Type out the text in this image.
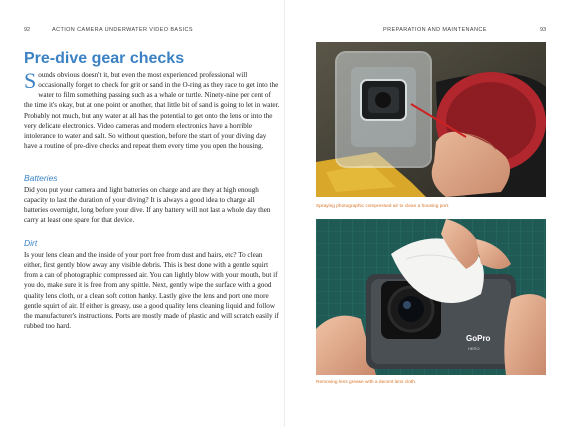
92	ACTION CAMERA UNDERWATER VIDEO BASICS
Pre-dive gear checks

Sounds obvious doesn't it, but even the most experienced professional will occasionally forget to check for grit or sand in the O-ring as they race to get into the water to film something passing such as a whale or turtle. Ninety-nine per cent of the time it's okay, but at one point or another, that little bit of sand is going to let in water. Probably not much, but any water at all has the potential to get onto the lens or into the very delicate electronics. Video cameras and modern electronics have a horrible intolerance to water and salt. So without question, before the start of your diving day have a routine of pre-dive checks and repeat them every time you open the housing.

Batteries

Did you put your camera and light batteries on charge and are they at high enough capacity to last the duration of your diving? It is always a good idea to charge all batteries overnight, long before your dive. If any battery will not last a whole day then carry at least one spare for that device.

Dirt

Is your lens clean and the inside of your port free from dust and hairs, etc? To clean either, first gently blow away any visible debris. This is best done with a gentle squirt from a can of photographic compressed air. You can lightly blow with your mouth, but if you do, make sure it is free from any spittle. Next, gently wipe the surface with a good quality lens cloth, or a clean soft cotton hanky. Lastly give the lens and port one more gentle squirt of air. If either is greasy, use a good quality lens cleaning liquid and follow the manufacturer's instructions. Ports are mostly made of plastic and will scratch easily if rubbed too hard.

PREPARATION AND MAINTENANCE	93
Spraying photographic compressed air to clean a housing port.
GoPro
HERO
Removing lens grease with a decent lens cloth.
